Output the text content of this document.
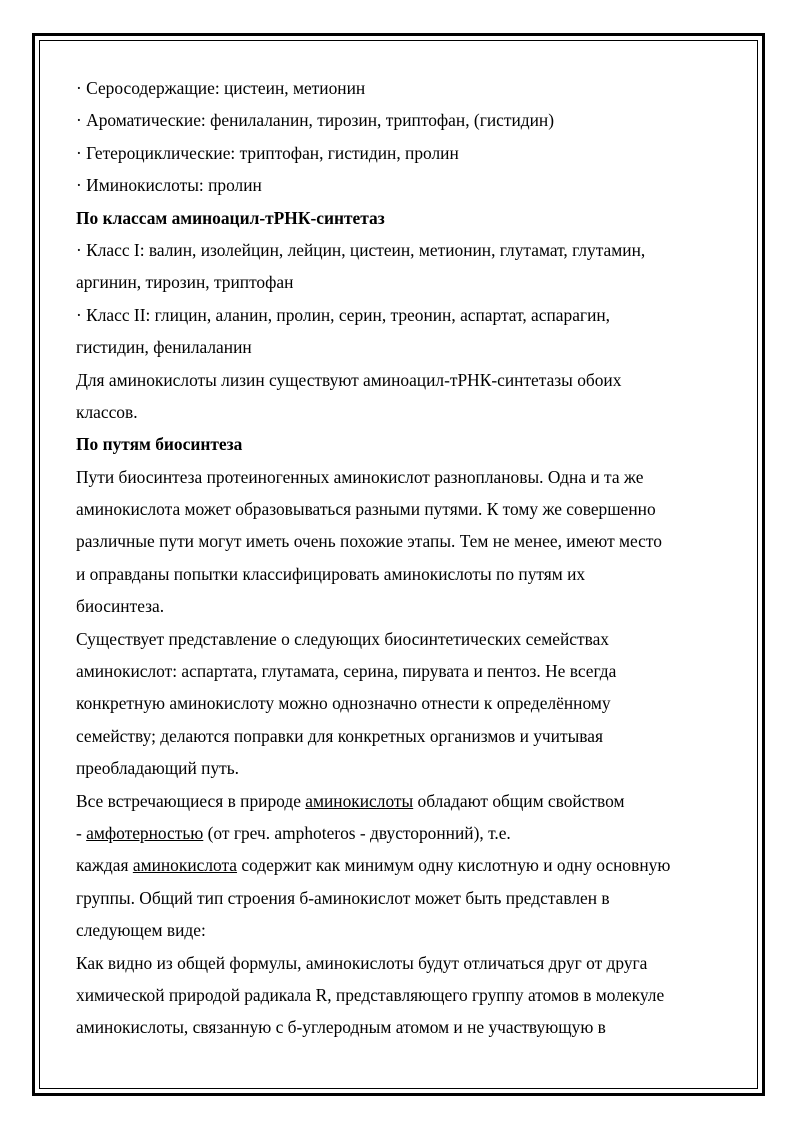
· Серосодержащие: цистеин, метионин
· Ароматические: фенилаланин, тирозин, триптофан, (гистидин)
· Гетероциклические: триптофан, гистидин, пролин
· Иминокислоты: пролин
По классам аминоацил-тРНК-синтетаз
· Класс I: валин, изолейцин, лейцин, цистеин, метионин, глутамат, глутамин,
аргинин, тирозин, триптофан
· Класс II: глицин, аланин, пролин, серин, треонин, аспартат, аспарагин,
гистидин, фенилаланин
Для аминокислоты лизин существуют аминоацил-тРНК-синтетазы обоих
классов.
По путям биосинтеза
Пути биосинтеза протеиногенных аминокислот разноплановы. Одна и та же
аминокислота может образовываться разными путями. К тому же совершенно
различные пути могут иметь очень похожие этапы. Тем не менее, имеют место
и оправданы попытки классифицировать аминокислоты по путям их
биосинтеза.
Существует представление о следующих биосинтетических семействах
аминокислот: аспартата, глутамата, серина, пирувата и пентоз. Не всегда
конкретную аминокислоту можно однозначно отнести к определённому
семейству; делаются поправки для конкретных организмов и учитывая
преобладающий путь.
Все встречающиеся в природе аминокислоты обладают общим свойством
- амфотерностью (от греч. amphoteros - двусторонний), т.е.
каждая аминокислота содержит как минимум одну кислотную и одну основную
группы. Общий тип строения б-аминокислот может быть представлен в
следующем виде:
Как видно из общей формулы, аминокислоты будут отличаться друг от друга
химической природой радикала R, представляющего группу атомов в молекуле
аминокислоты, связанную с б-углеродным атомом и не участвующую в
